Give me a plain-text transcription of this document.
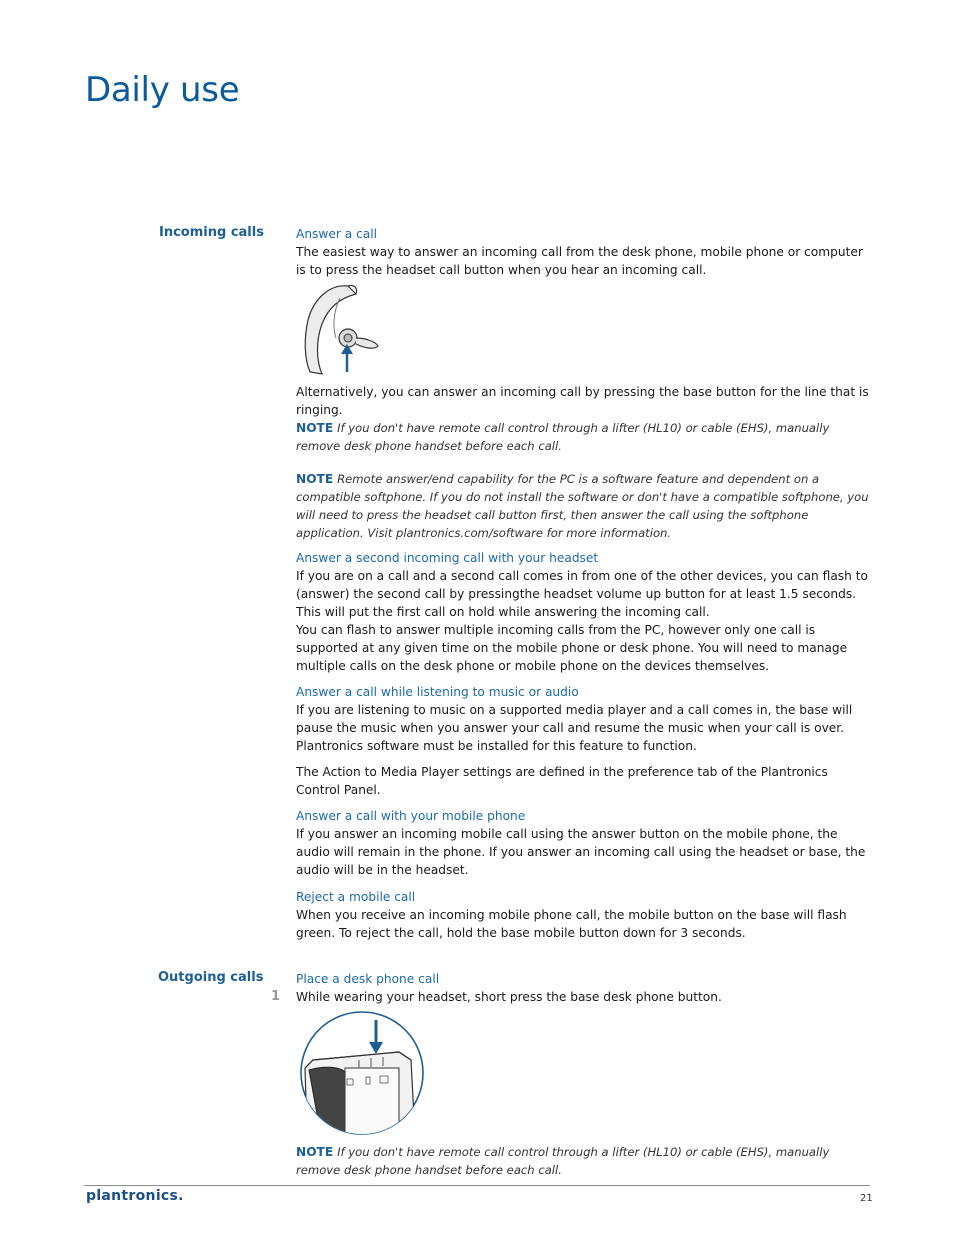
Daily use
Incoming calls	Answer a call

The easiest way to answer an incoming call from the desk phone, mobile phone or computer is to press the headset call button when you hear an incoming call.

Alternatively, you can answer an incoming call by pressing the base button for the line that is ringing.

NOTE If you don't have remote call control through a lifter (HL10) or cable (EHS), manually remove desk phone handset before each call.

NOTE Remote answer/end capability for the PC is a software feature and dependent on a compatible softphone. If you do not install the software or don't have a compatible softphone, you will need to press the headset call button first, then answer the call using the softphone application. Visit plantronics.com/software for more information.

Answer a second incoming call with your headset

If you are on a call and a second call comes in from one of the other devices, you can flash to (answer) the second call by pressingthe headset volume up button for at least 1.5 seconds. This will put the first call on hold while answering the incoming call.

You can flash to answer multiple incoming calls from the PC, however only one call is supported at any given time on the mobile phone or desk phone. You will need to manage multiple calls on the desk phone or mobile phone on the devices themselves.

Answer a call while listening to music or audio

If you are listening to music on a supported media player and a call comes in, the base will pause the music when you answer your call and resume the music when your call is over. Plantronics software must be installed for this feature to function.

The Action to Media Player settings are defined in the preference tab of the Plantronics Control Panel.

Answer a call with your mobile phone

If you answer an incoming mobile call using the answer button on the mobile phone, the audio will remain in the phone. If you answer an incoming call using the headset or base, the audio will be in the headset.

Reject a mobile call

When you receive an incoming mobile phone call, the mobile button on the base will flash green. To reject the call, hold the base mobile button down for 3 seconds.

Outgoing calls	Place a desk phone call

While wearing your headset, short press the base desk phone button.

1

NOTE If you don't have remote call control through a lifter (HL10) or cable (EHS), manually remove desk phone handset before each call.

plantronics.	21
